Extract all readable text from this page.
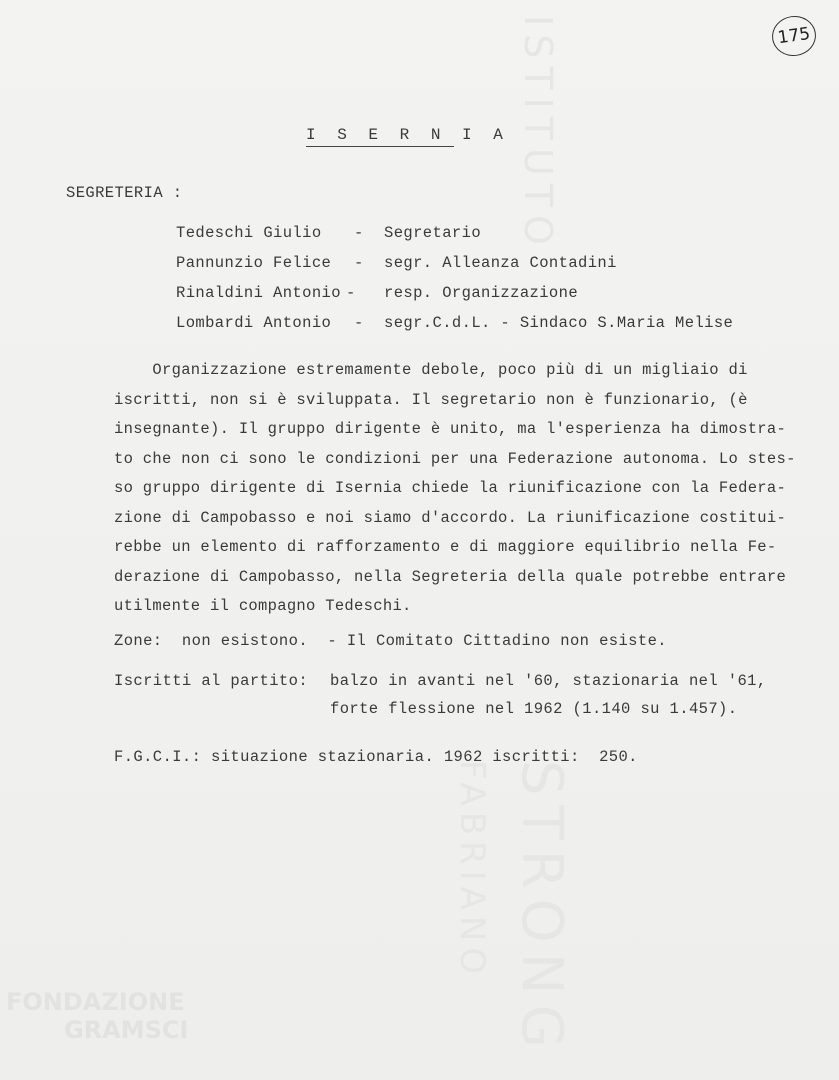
ISTITUTO
STRONG
FABRIANO
FONDAZIONE
GRAMSCI
175
I S E R N I A
SEGRETERIA :
Tedeschi Giulio - Segretario
Pannunzio Felice - segr. Alleanza Contadini
Rinaldini Antonio - resp. Organizzazione
Lombardi Antonio - segr.C.d.L. - Sindaco S.Maria Melise
Organizzazione estremamente debole, poco più di un migliaio di
iscritti, non si è sviluppata. Il segretario non è funzionario, (è
insegnante). Il gruppo dirigente è unito, ma l'esperienza ha dimostra-
to che non ci sono le condizioni per una Federazione autonoma. Lo stes-
so gruppo dirigente di Isernia chiede la riunificazione con la Federa-
zione di Campobasso e noi siamo d'accordo. La riunificazione costitui-
rebbe un elemento di rafforzamento e di maggiore equilibrio nella Fe-
derazione di Campobasso, nella Segreteria della quale potrebbe entrare
utilmente il compagno Tedeschi.
Zone:  non esistono.  - Il Comitato Cittadino non esiste.
Iscritti al partito: balzo in avanti nel '60, stazionaria nel '61,
forte flessione nel 1962 (1.140 su 1.457).
F.G.C.I.: situazione stazionaria. 1962 iscritti:  250.
